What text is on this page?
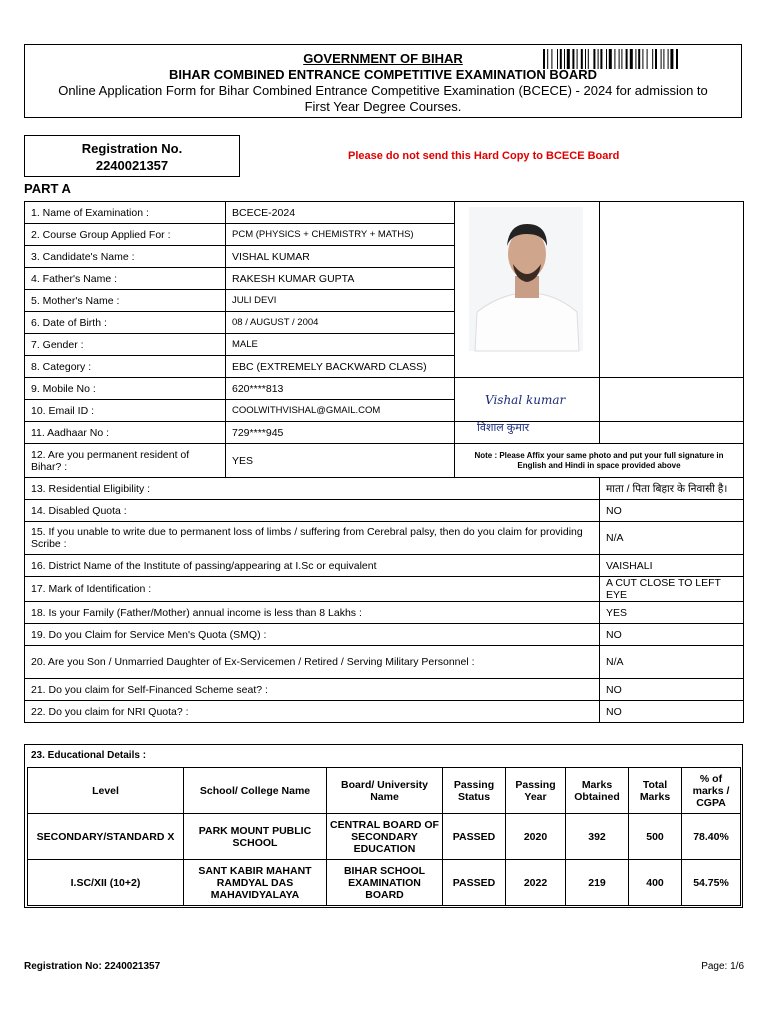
GOVERNMENT OF BIHAR
BIHAR COMBINED ENTRANCE COMPETITIVE EXAMINATION BOARD
Online Application Form for Bihar Combined Entrance Competitive Examination (BCECE) - 2024 for admission to First Year Degree Courses.
Registration No.
2240021357
Please do not send this Hard Copy to BCECE Board
PART A
1. Name of Examination :	BCECE-2024		
2. Course Group Applied For :	PCM (PHYSICS + CHEMISTRY + MATHS)		
3. Candidate's Name :	VISHAL KUMAR		
4. Father's Name :	RAKESH KUMAR GUPTA		
5. Mother's Name :	JULI DEVI		
6. Date of Birth :	08 / AUGUST / 2004		
7. Gender :	MALE		
8. Category :	EBC (EXTREMELY BACKWARD CLASS)		
9. Mobile No :	620****813	Vishal kumar	

10. Email ID :	COOLWITHVISHAL@GMAIL.COM		
11. Aadhaar No :	729****945	विशाल कुमार	

12. Are you permanent resident of Bihar? :	YES	Note : Please Affix your same photo and put your full signature in English and Hindi in space provided above	
13. Residential Eligibility :			माता / पिता बिहार के निवासी है।
14. Disabled Quota :			NO
15. If you unable to write due to permanent loss of limbs / suffering from Cerebral palsy, then do you claim for providing Scribe :			N/A
16. District Name of the Institute of passing/appearing at I.Sc or equivalent			VAISHALI
17. Mark of Identification :			A CUT CLOSE TO LEFT EYE
18. Is your Family (Father/Mother) annual income is less than 8 Lakhs :			YES
19. Do you Claim for Service Men's Quota (SMQ) :			NO
20. Are you Son / Unmarried Daughter of Ex-Servicemen / Retired / Serving Military Personnel :			N/A
21. Do you claim for Self-Financed Scheme seat? :			NO
22. Do you claim for NRI Quota? :			NO
23. Educational Details :
Level	School/ College Name	Board/ University Name	Passing Status	Passing Year	Marks Obtained	Total Marks	% of marks / CGPA
SECONDARY/STANDARD X	PARK MOUNT PUBLIC SCHOOL	CENTRAL BOARD OF SECONDARY EDUCATION	PASSED	2020	392	500	78.40%
I.SC/XII (10+2)	SANT KABIR MAHANT RAMDYAL DAS MAHAVIDYALAYA	BIHAR SCHOOL EXAMINATION BOARD	PASSED	2022	219	400	54.75%
Registration No: 2240021357	Page: 1/6
